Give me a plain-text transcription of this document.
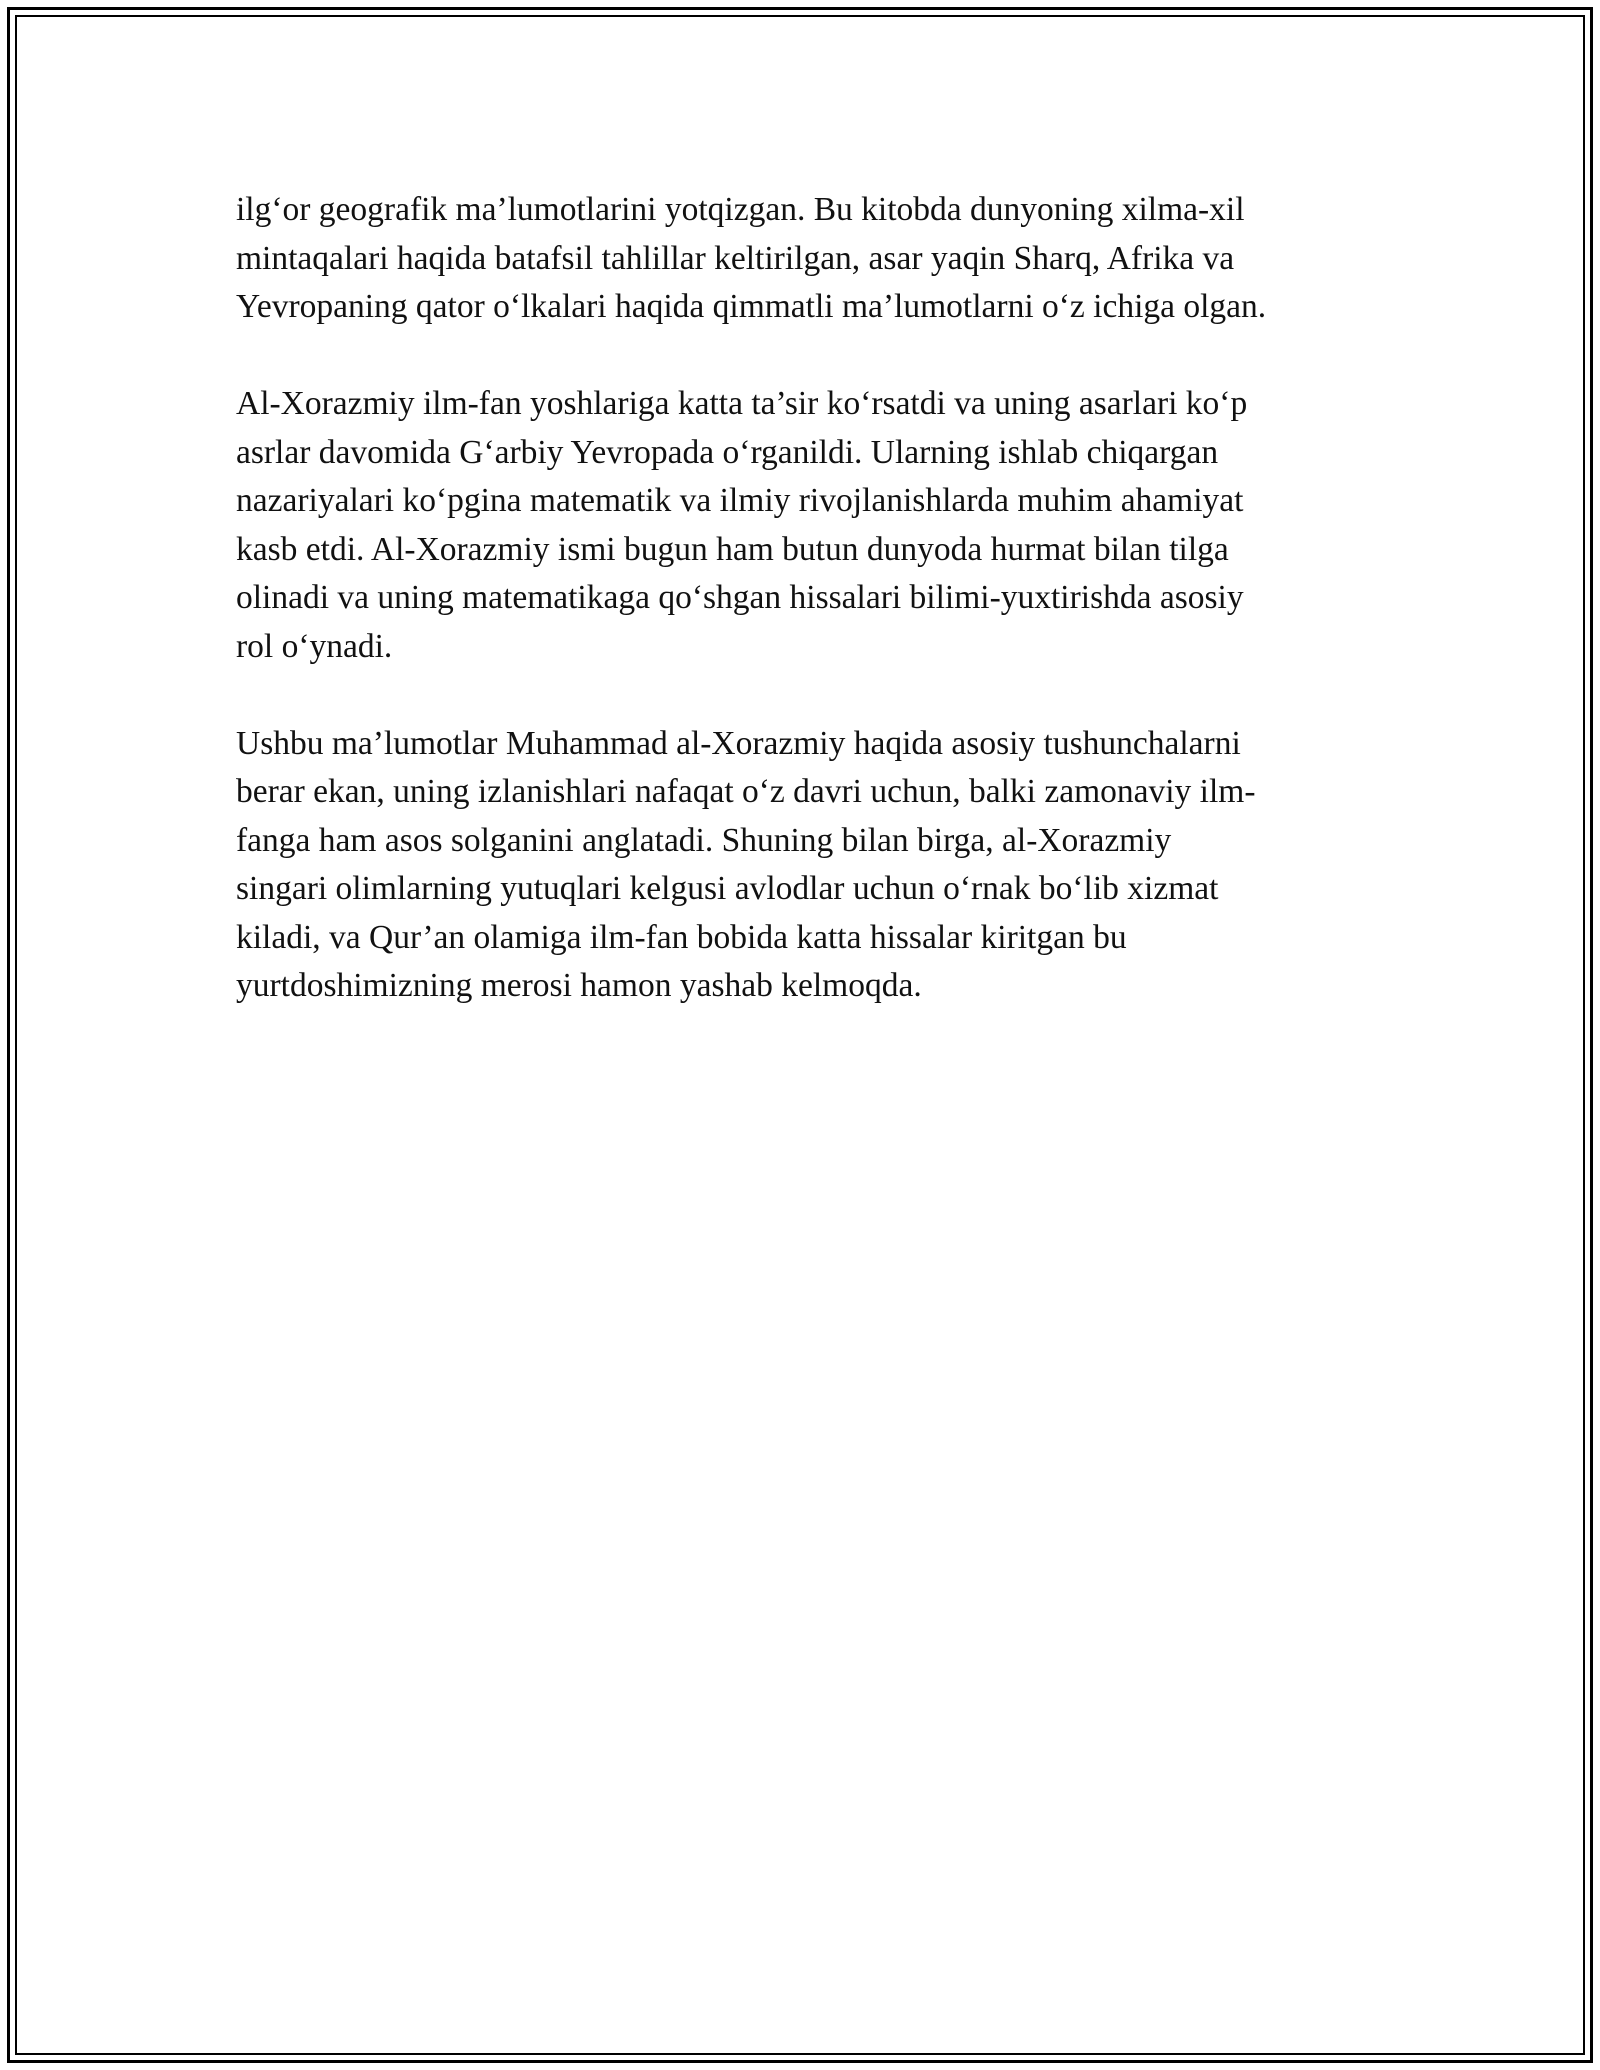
ilg‘or geografik ma’lumotlarini yotqizgan. Bu kitobda dunyoning xilma-xil
mintaqalari haqida batafsil tahlillar keltirilgan, asar yaqin Sharq, Afrika va
Yevropaning qator o‘lkalari haqida qimmatli ma’lumotlarni o‘z ichiga olgan.

Al-Xorazmiy ilm-fan yoshlariga katta ta’sir ko‘rsatdi va uning asarlari ko‘p
asrlar davomida G‘arbiy Yevropada o‘rganildi. Ularning ishlab chiqargan
nazariyalari ko‘pgina matematik va ilmiy rivojlanishlarda muhim ahamiyat
kasb etdi. Al-Xorazmiy ismi bugun ham butun dunyoda hurmat bilan tilga
olinadi va uning matematikaga qo‘shgan hissalari bilimi-yuxtirishda asosiy
rol o‘ynadi.

Ushbu ma’lumotlar Muhammad al-Xorazmiy haqida asosiy tushunchalarni
berar ekan, uning izlanishlari nafaqat o‘z davri uchun, balki zamonaviy ilm-
fanga ham asos solganini anglatadi. Shuning bilan birga, al-Xorazmiy
singari olimlarning yutuqlari kelgusi avlodlar uchun o‘rnak bo‘lib xizmat
kiladi, va Qur’an olamiga ilm-fan bobida katta hissalar kiritgan bu
yurtdoshimizning merosi hamon yashab kelmoqda.
